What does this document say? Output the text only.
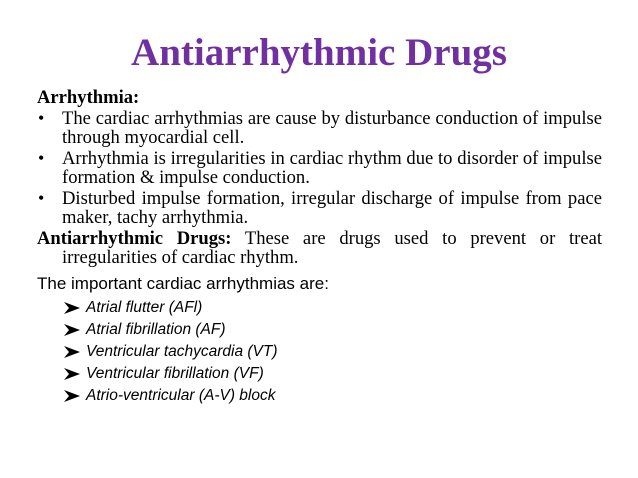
Antiarrhythmic Drugs
Arrhythmia:
• The cardiac arrhythmias are cause by disturbance conduction of impulse through myocardial cell.
• Arrhythmia is irregularities in cardiac rhythm due to disorder of impulse formation & impulse conduction.
• Disturbed impulse formation, irregular discharge of impulse from pace maker, tachy arrhythmia.
Antiarrhythmic Drugs: These are drugs used to prevent or treat irregularities of cardiac rhythm.
The important cardiac arrhythmias are:
Atrial flutter (AFl)
Atrial fibrillation (AF)
Ventricular tachycardia (VT)
Ventricular fibrillation (VF)
Atrio-ventricular (A-V) block
